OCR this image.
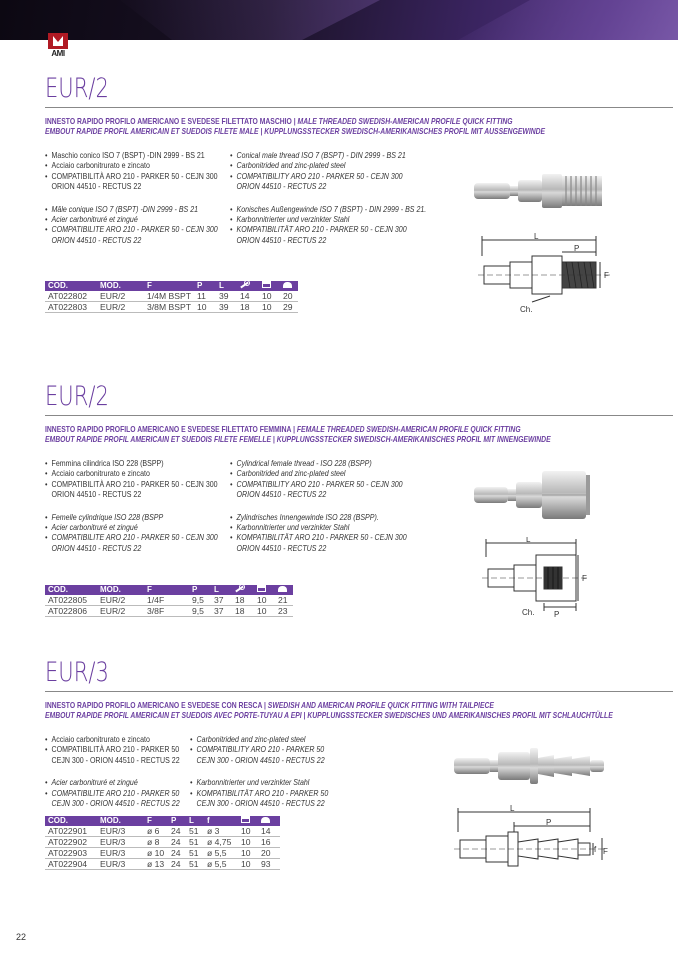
AMI
EUR/2
INNESTO RAPIDO PROFILO AMERICANO E SVEDESE FILETTATO MASCHIO | MALE THREADED SWEDISH-AMERICAN PROFILE QUICK FITTING
EMBOUT RAPIDE PROFIL AMERICAIN ET SUEDOIS FILETE MALE | KUPPLUNGSSTECKER SWEDISCH-AMERIKANISCHES PROFIL MIT AUSSENGEWINDE
• Maschio conico ISO 7 (BSPT) -DIN 2999 - BS 21
• Acciaio carbonitrurato e zincato
• COMPATIBILITÀ ARO 210 - PARKER 50 - CEJN 300
ORION 44510 - RECTUS 22
• Mâle conique ISO 7 (BSPT) -DIN 2999 - BS 21
• Acier carbonitruré et zingué
• COMPATIBILITE ARO 210 - PARKER 50 - CEJN 300
ORION 44510 - RECTUS 22
• Conical male thread ISO 7 (BSPT) - DIN 2999 - BS 21
• Carbonitrided and zinc-plated steel
• COMPATIBILITY ARO 210 - PARKER 50 - CEJN 300
ORION 44510 - RECTUS 22
• Konisches Außengewinde ISO 7 (BSPT) - DIN 2999 - BS 21.
• Karbonnitrierter und verzinkter Stahl
• KOMPATIBILITÄT ARO 210 - PARKER 50 - CEJN 300
ORION 44510 - RECTUS 22
COD.	MOD.	F	P	L			
AT022802	EUR/2	1/4M BSPT	11	39	14	10	20
AT022803	EUR/2	3/8M BSPT	10	39	18	10	29
EUR/2
INNESTO RAPIDO PROFILO AMERICANO E SVEDESE FILETTATO FEMMINA | FEMALE THREADED SWEDISH-AMERICAN PROFILE QUICK FITTING
EMBOUT RAPIDE PROFIL AMERICAIN ET SUEDOIS FILETE FEMELLE | KUPPLUNGSSTECKER SWEDISCH-AMERIKANISCHES PROFIL MIT INNENGEWINDE
• Femmina cilindrica ISO 228 (BSPP)
• Acciaio carbonitrurato e zincato
• COMPATIBILITÀ ARO 210 - PARKER 50 - CEJN 300
ORION 44510 - RECTUS 22
• Femelle cylindrique ISO 228 (BSPP
• Acier carbonitruré et zingué
• COMPATIBILITE ARO 210 - PARKER 50 - CEJN 300
ORION 44510 - RECTUS 22
• Cylindrical female thread - ISO 228 (BSPP)
• Carbonitrided and zinc-plated steel
• COMPATIBILITY ARO 210 - PARKER 50 - CEJN 300
ORION 44510 - RECTUS 22
• Zylindrisches Innengewinde ISO 228 (BSPP).
• Karbonnitrierter und verzinkter Stahl
• KOMPATIBILITÄT ARO 210 - PARKER 50 - CEJN 300
ORION 44510 - RECTUS 22
COD.	MOD.	F	P	L			
AT022805	EUR/2	1/4F	9,5	37	18	10	21
AT022806	EUR/2	3/8F	9,5	37	18	10	23
EUR/3
INNESTO RAPIDO PROFILO AMERICANO E SVEDESE CON RESCA | SWEDISH AND AMERICAN PROFILE QUICK FITTING WITH TAILPIECE
EMBOUT RAPIDE PROFIL AMERICAIN ET SUEDOIS AVEC PORTE-TUYAU A EPI | KUPPLUNGSSTECKER SWEDISCHES UND AMERIKANISCHES PROFIL MIT SCHLAUCHTÜLLE
• Acciaio carbonitrurato e zincato
• COMPATIBILITÀ ARO 210 - PARKER 50
CEJN 300 - ORION 44510 - RECTUS 22
• Acier carbonitruré et zingué
• COMPATIBILITE ARO 210 - PARKER 50
CEJN 300 - ORION 44510 - RECTUS 22
• Carbonitrided and zinc-plated steel
• COMPATIBILITY ARO 210 - PARKER 50
CEJN 300 - ORION 44510 - RECTUS 22
• Karbonnitrierter und verzinkter Stahl
• KOMPATIBILITÄT ARO 210 - PARKER 50
CEJN 300 - ORION 44510 - RECTUS 22
COD.	MOD.	F	P	L	f		
AT022901	EUR/3	ø 6	24	51	ø 3	10	14
AT022902	EUR/3	ø 8	24	51	ø 4,75	10	16
AT022903	EUR/3	ø 10	24	51	ø 5,5	10	20
AT022904	EUR/3	ø 13	24	51	ø 5,5	10	93
L
P
F
Ch.
L
F
Ch. P
L
P
f F
22
